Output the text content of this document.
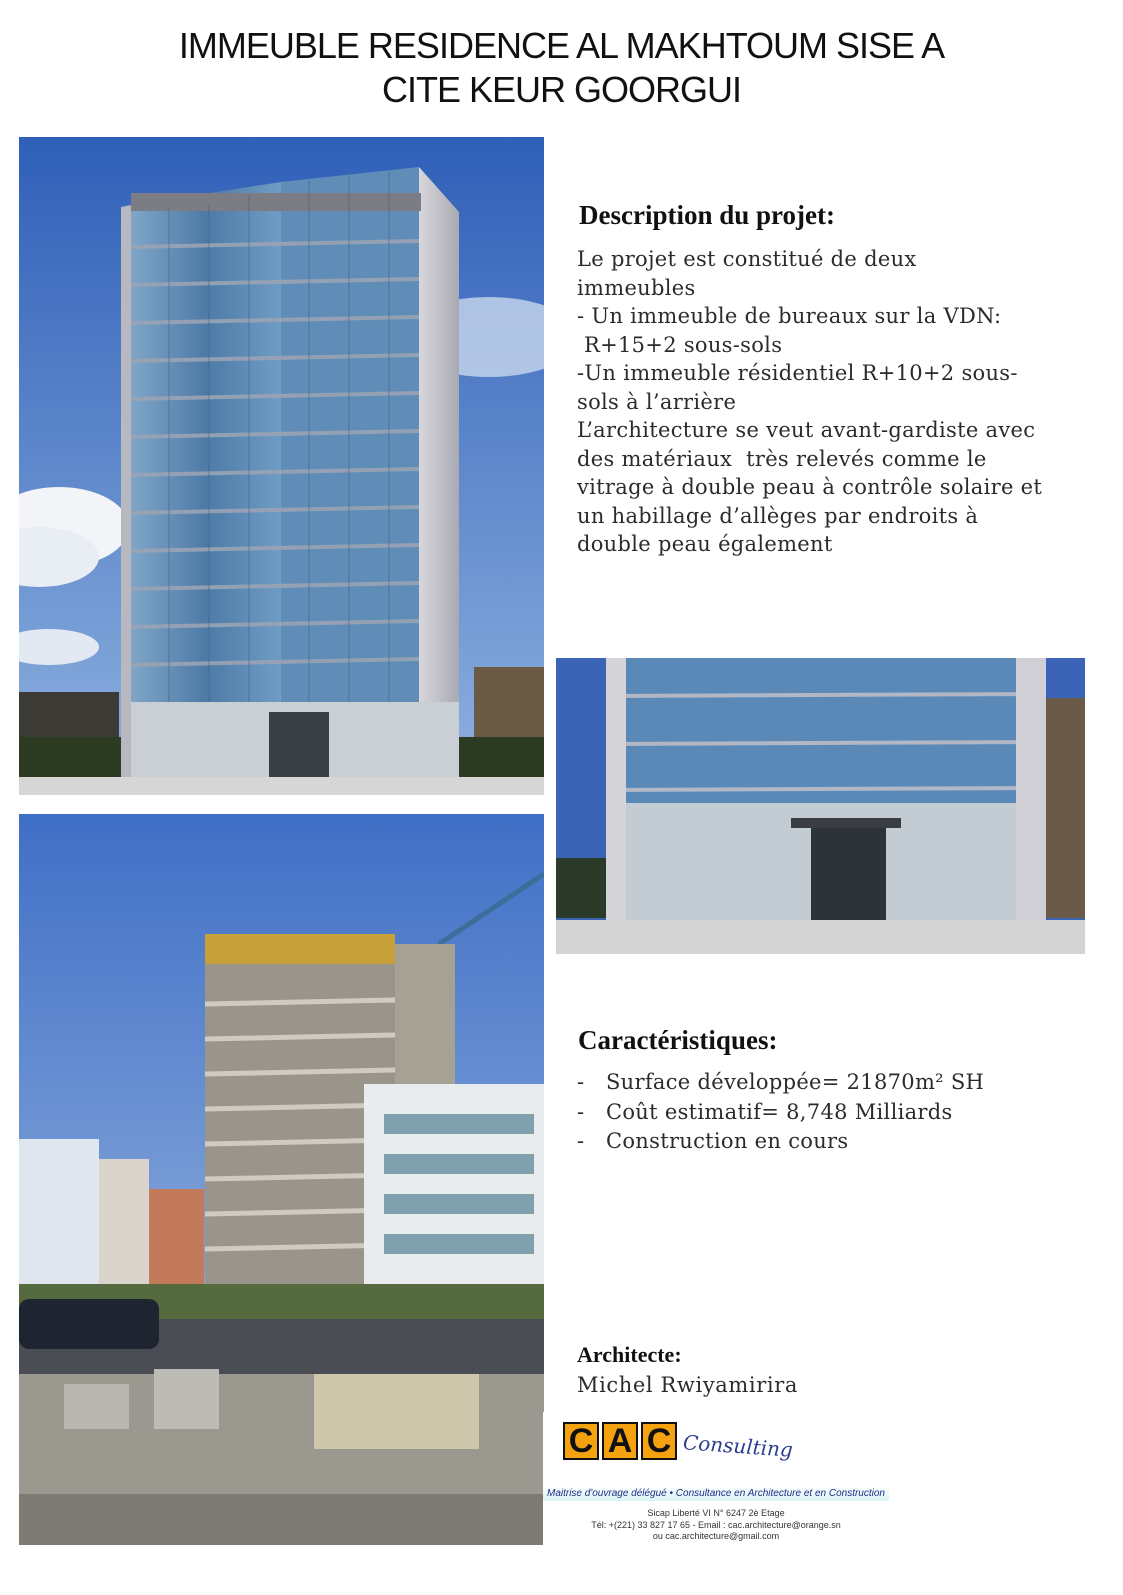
IMMEUBLE RESIDENCE AL MAKHTOUM SISE A
CITE KEUR GOORGUI
Description du projet:
Le projet est constitué de deux
immeubles
- Un immeuble de bureaux sur la VDN:
R+15+2 sous-sols
-Un immeuble résidentiel R+10+2 sous-
sols à l’arrière
L’architecture se veut avant-gardiste avec
des matériaux  très relevés comme le
vitrage à double peau à contrôle solaire et
un habillage d’allèges par endroits à
double peau également
Caractéristiques:
- Surface développée= 21870m² SH
- Coût estimatif= 8,748 Milliards
- Construction en cours
Architecte:
Michel Rwiyamirira
C A C Consulting
Maitrise d'ouvrage délégué • Consultance en Architecture et en Construction
Sicap Liberté VI N° 6247 2è Etage
Tél: +(221) 33 827 17 65 - Email : cac.architecture@orange.sn
ou cac.architecture@gmail.com
